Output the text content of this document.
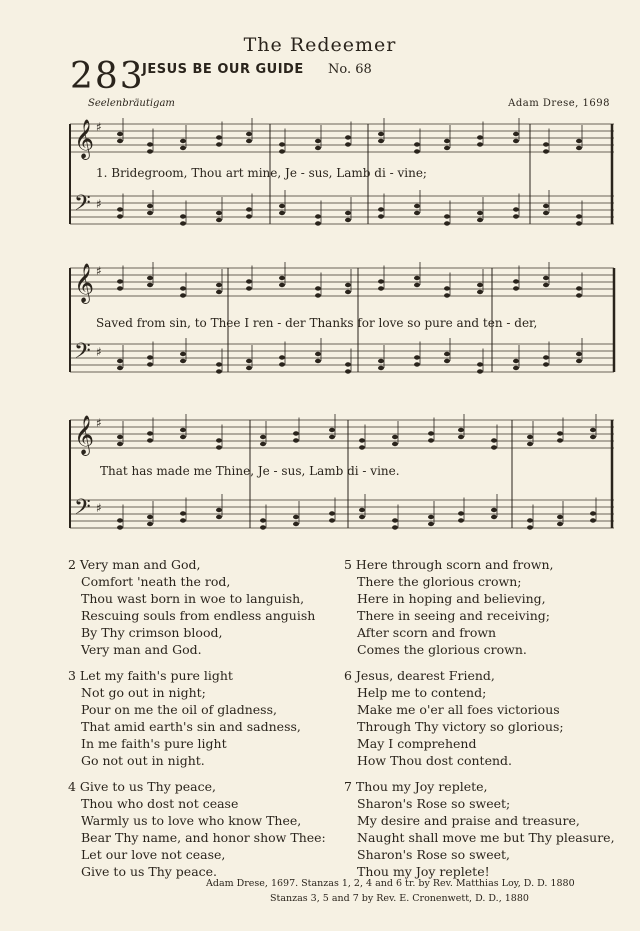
The Redeemer
283
JESUS BE OUR GUIDE No. 68
Seelenbräutigam	Adam Drese, 1698
𝄞 ♯
𝄢 ♯
𝄞 ♯
𝄢 ♯
𝄞 ♯
𝄢 ♯
1. Bridegroom, Thou art mine, Je - sus, Lamb di - vine;
Saved from sin, to Thee I ren - der Thanks for love so pure and ten - der,
That has made me Thine, Je - sus, Lamb di - vine.
2 Very man and God,
Comfort 'neath the rod,
Thou wast born in woe to languish,
Rescuing souls from endless anguish
By Thy crimson blood,
Very man and God.
3 Let my faith's pure light
Not go out in night;
Pour on me the oil of gladness,
That amid earth's sin and sadness,
In me faith's pure light
Go not out in night.
4 Give to us Thy peace,
Thou who dost not cease
Warmly us to love who know Thee,
Bear Thy name, and honor show Thee:
Let our love not cease,
Give to us Thy peace.
5 Here through scorn and frown,
There the glorious crown;
Here in hoping and believing,
There in seeing and receiving;
After scorn and frown
Comes the glorious crown.
6 Jesus, dearest Friend,
Help me to contend;
Make me o'er all foes victorious
Through Thy victory so glorious;
May I comprehend
How Thou dost contend.
7 Thou my Joy replete,
Sharon's Rose so sweet;
My desire and praise and treasure,
Naught shall move me but Thy pleasure,
Sharon's Rose so sweet,
Thou my Joy replete!
Adam Drese, 1697. Stanzas 1, 2, 4 and 6 tr. by Rev. Matthias Loy, D. D. 1880
Stanzas 3, 5 and 7 by Rev. E. Cronenwett, D. D., 1880
